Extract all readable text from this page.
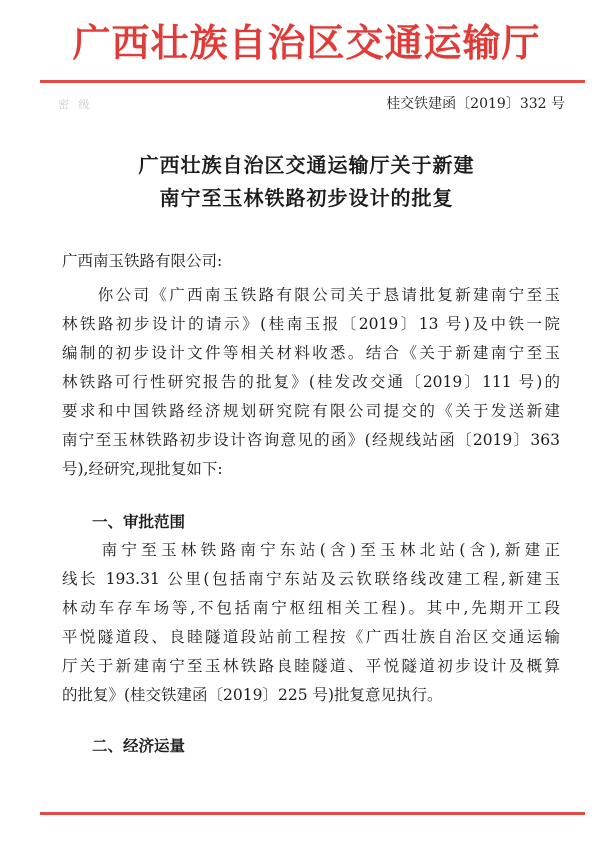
广西壮族自治区交通运输厅
密 级	桂交铁建函〔2019〕332 号
广西壮族自治区交通运输厅关于新建
南宁至玉林铁路初步设计的批复
广西南玉铁路有限公司:
　　你公司《广西南玉铁路有限公司关于恳请批复新建南宁至玉
林铁路初步设计的请示》(桂南玉报〔2019〕13 号)及中铁一院
编制的初步设计文件等相关材料收悉。结合《关于新建南宁至玉
林铁路可行性研究报告的批复》(桂发改交通〔2019〕111 号)的
要求和中国铁路经济规划研究院有限公司提交的《关于发送新建
南宁至玉林铁路初步设计咨询意见的函》(经规线站函〔2019〕363
号),经研究,现批复如下:
一、审批范围
　　南宁至玉林铁路南宁东站(含)至玉林北站(含),新建正
线长 193.31 公里(包括南宁东站及云钦联络线改建工程,新建玉
林动车存车场等,不包括南宁枢纽相关工程)。其中,先期开工段
平悦隧道段、良睦隧道段站前工程按《广西壮族自治区交通运输
厅关于新建南宁至玉林铁路良睦隧道、平悦隧道初步设计及概算
的批复》(桂交铁建函〔2019〕225 号)批复意见执行。
二、经济运量
